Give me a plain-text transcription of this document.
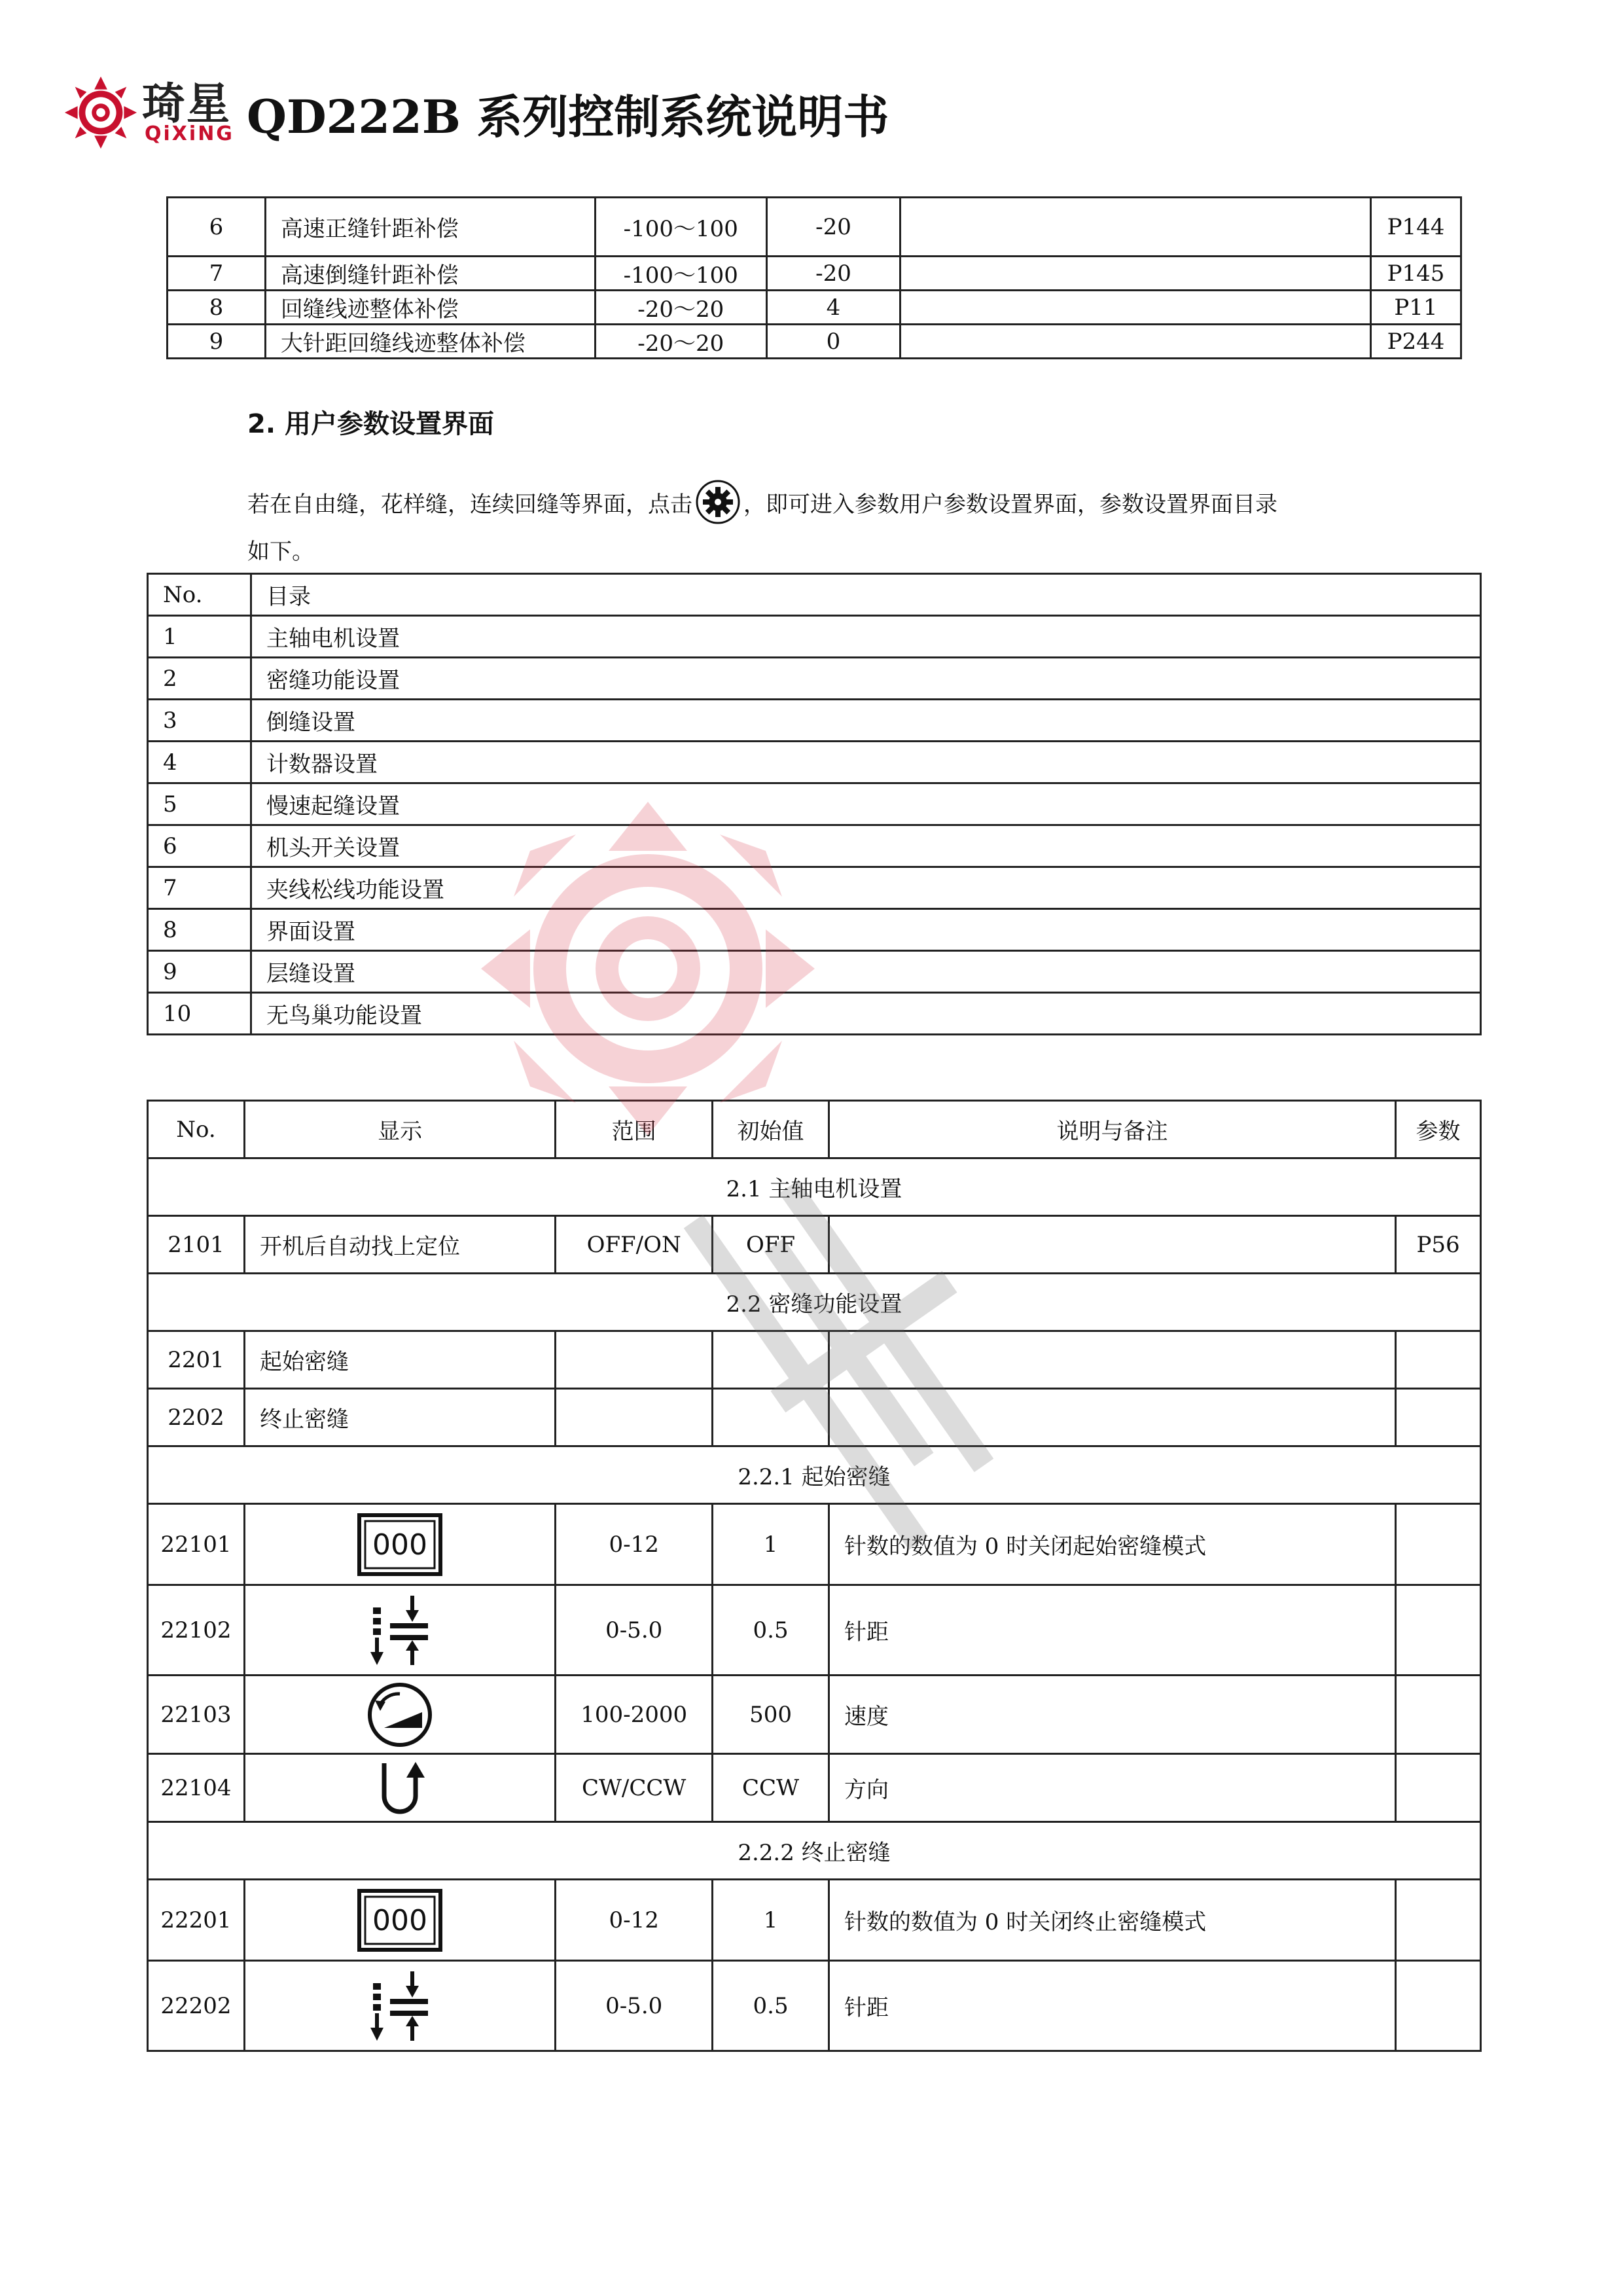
琦星
QiXiNG QD222B 系列控制系统说明书
6	高速正缝针距补偿	-100～100	-20		P144
7	高速倒缝针距补偿	-100～100	-20		P145
8	回缝线迹整体补偿	-20～20	4		P11
9	大针距回缝线迹整体补偿	-20～20	0		P244
2. 用户参数设置界面
若在自由缝，花样缝，连续回缝等界面，点击 ，即可进入参数用户参数设置界面，参数设置界面目录
如下。
No.	目录
1	主轴电机设置
2	密缝功能设置
3	倒缝设置
4	计数器设置
5	慢速起缝设置
6	机头开关设置
7	夹线松线功能设置
8	界面设置
9	层缝设置
10	无鸟巢功能设置
No.	显示	范围	初始值	说明与备注	参数
2.1 主轴电机设置					
2101	开机后自动找上定位	OFF/ON	OFF		P56
2.2 密缝功能设置					
2201	起始密缝				
2202	终止密缝				
2.2.1 起始密缝					
22101	000	0-12	1	针数的数值为 0 时关闭起始密缝模式	
22102		0-5.0	0.5	针距	
22103		100-2000	500	速度	
22104		CW/CCW	CCW	方向	
2.2.2 终止密缝					
22201	000	0-12	1	针数的数值为 0 时关闭终止密缝模式	
22202		0-5.0	0.5	针距	
